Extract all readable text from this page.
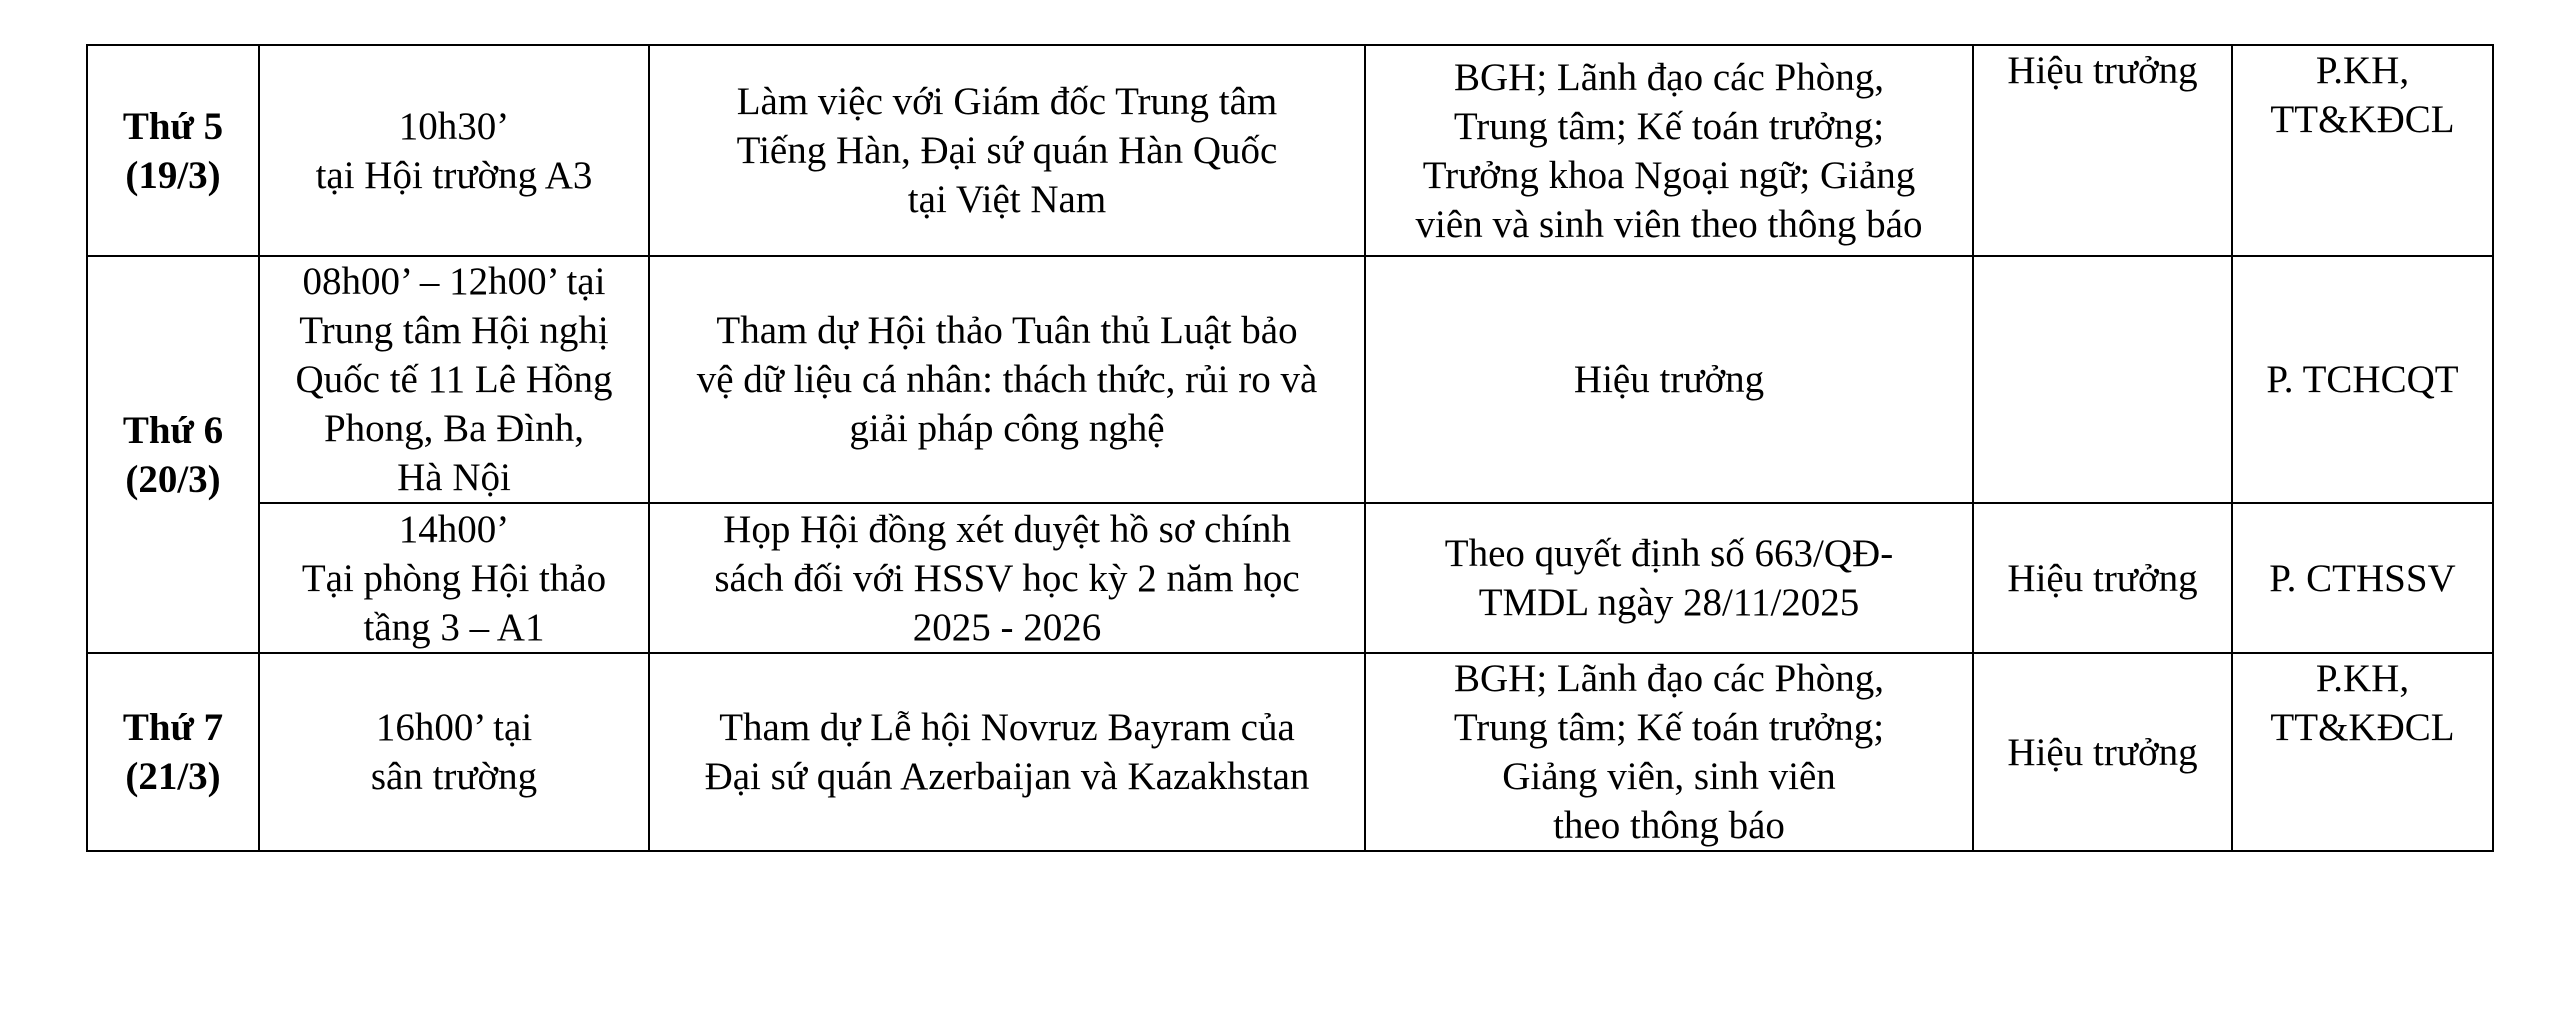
Thứ 5
(19/3)	10h30’
tại Hội trường A3	Làm việc với Giám đốc Trung tâm
Tiếng Hàn, Đại sứ quán Hàn Quốc
tại Việt Nam	BGH; Lãnh đạo các Phòng,
Trung tâm; Kế toán trưởng;
Trưởng khoa Ngoại ngữ; Giảng
viên và sinh viên theo thông báo	Hiệu trưởng	P.KH,
TT&KĐCL

Thứ 6
(20/3)	08h00’ – 12h00’ tại
Trung tâm Hội nghị
Quốc tế 11 Lê Hồng
Phong, Ba Đình,
Hà Nội	Tham dự Hội thảo Tuân thủ Luật bảo
vệ dữ liệu cá nhân: thách thức, rủi ro và
giải pháp công nghệ	Hiệu trưởng		P. TCHCQT

	14h00’
Tại phòng Hội thảo
tầng 3 – A1	Họp Hội đồng xét duyệt hồ sơ chính
sách đối với HSSV học kỳ 2 năm học
2025 - 2026	Theo quyết định số 663/QĐ-
TMDL ngày 28/11/2025	Hiệu trưởng	P. CTHSSV

Thứ 7
(21/3)	16h00’ tại
sân trường	Tham dự Lễ hội Novruz Bayram của
Đại sứ quán Azerbaijan và Kazakhstan	BGH; Lãnh đạo các Phòng,
Trung tâm; Kế toán trưởng;
Giảng viên, sinh viên
theo thông báo	Hiệu trưởng	P.KH,
TT&KĐCL
